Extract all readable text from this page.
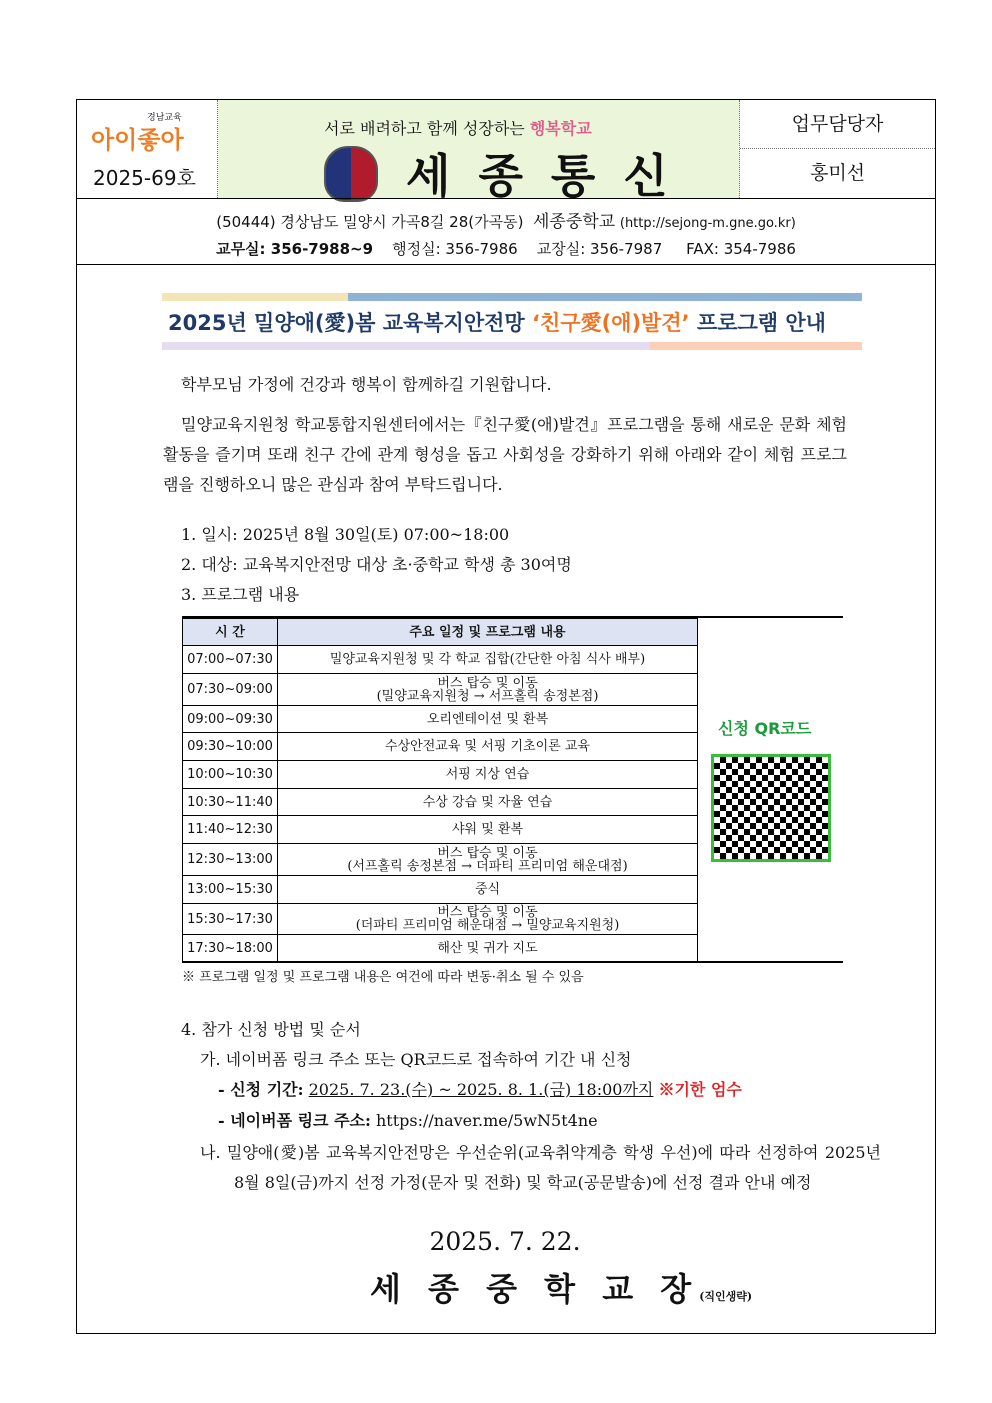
경남교육
아이좋아
2025-69호
서로 배려하고 함께 성장하는 행복학교
세 종 통 신
업무담당자
홍미선
(50444) 경상남도 밀양시 가곡8길 28(가곡동) 세종중학교 (http://sejong-m.gne.go.kr)
교무실: 356-7988~9 행정실: 356-7986 교장실: 356-7987 FAX: 354-7986
2025년 밀양애(愛)봄 교육복지안전망 ‘친구愛(애)발견’ 프로그램 안내
학부모님 가정에 건강과 행복이 함께하길 기원합니다.
밀양교육지원청 학교통합지원센터에서는『친구愛(애)발견』프로그램을 통해 새로운 문화 체험활동을 즐기며 또래 친구 간에 관계 형성을 돕고 사회성을 강화하기 위해 아래와 같이 체험 프로그램을 진행하오니 많은 관심과 참여 부탁드립니다.
1. 일시: 2025년 8월 30일(토) 07:00~18:00
2. 대상: 교육복지안전망 대상 초·중학교 학생 총 30여명
3. 프로그램 내용
시 간	주요 일정 및 프로그램 내용
07:00~07:30	밀양교육지원청 및 각 학교 집합(간단한 아침 식사 배부)

07:30~09:00	버스 탑승 및 이동
(밀양교육지원청 → 서프홀릭 송정본점)

09:00~09:30	오리엔테이션 및 환복

09:30~10:00	수상안전교육 및 서핑 기초이론 교육

10:00~10:30	서핑 지상 연습

10:30~11:40	수상 강습 및 자율 연습

11:40~12:30	샤워 및 환복

12:30~13:00	버스 탑승 및 이동
(서프홀릭 송정본점 → 더파티 프리미엄 해운대점)

13:00~15:30	중식

15:30~17:30	버스 탑승 및 이동
(더파티 프리미엄 해운대점 → 밀양교육지원청)

17:30~18:00	해산 및 귀가 지도
신청 QR코드
※ 프로그램 일정 및 프로그램 내용은 여건에 따라 변동·취소 될 수 있음
4. 참가 신청 방법 및 순서
가. 네이버폼 링크 주소 또는 QR코드로 접속하여 기간 내 신청
- 신청 기간: 2025. 7. 23.(수) ~ 2025. 8. 1.(금) 18:00까지 ※기한 엄수
- 네이버폼 링크 주소: https://naver.me/5wN5t4ne
나. 밀양애(愛)봄 교육복지안전망은 우선순위(교육취약계층 학생 우선)에 따라 선정하여 2025년 8월 8일(금)까지 선정 가정(문자 및 전화) 및 학교(공문발송)에 선정 결과 안내 예정
2025. 7. 22.
세 종 중 학 교 장(직인생략)
